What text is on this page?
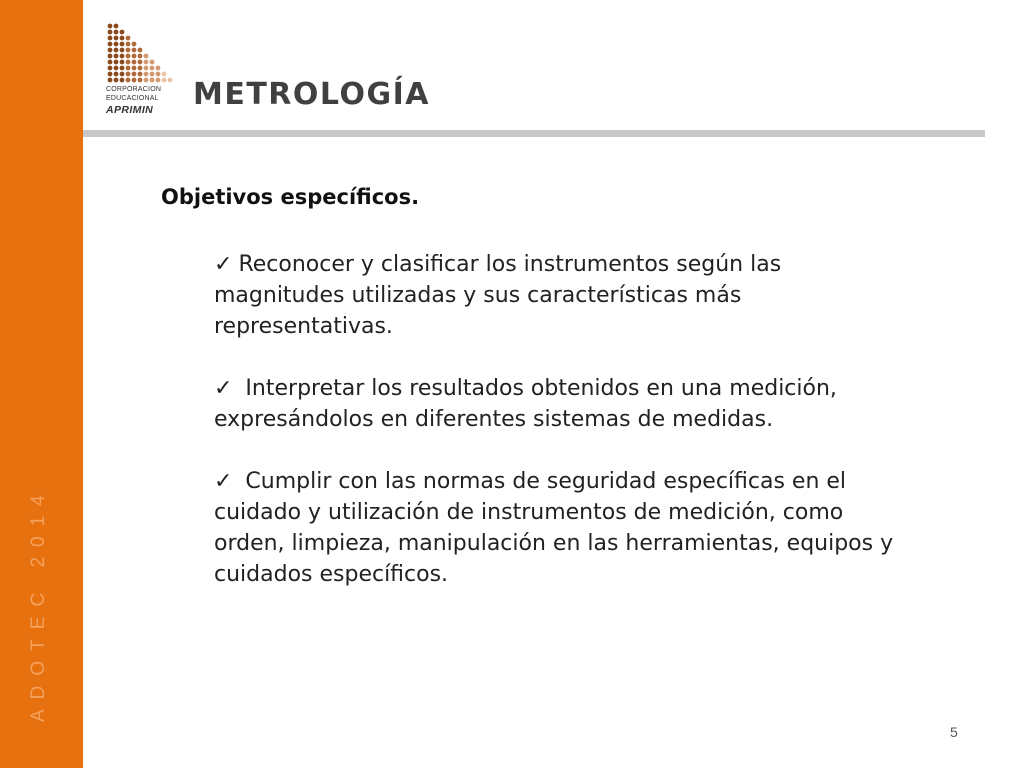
ADOTEC 2014
CORPORACION
EDUCACIONAL
APRIMIN	METROLOGÍA
Objetivos específicos.
✓ Reconocer y clasificar los instrumentos según las magnitudes utilizadas y sus características más representativas.
✓ Interpretar los resultados obtenidos en una medición, expresándolos en diferentes sistemas de medidas.
✓ Cumplir con las normas de seguridad específicas en el cuidado y utilización de instrumentos de medición, como orden, limpieza, manipulación en las herramientas, equipos y cuidados específicos.
5
